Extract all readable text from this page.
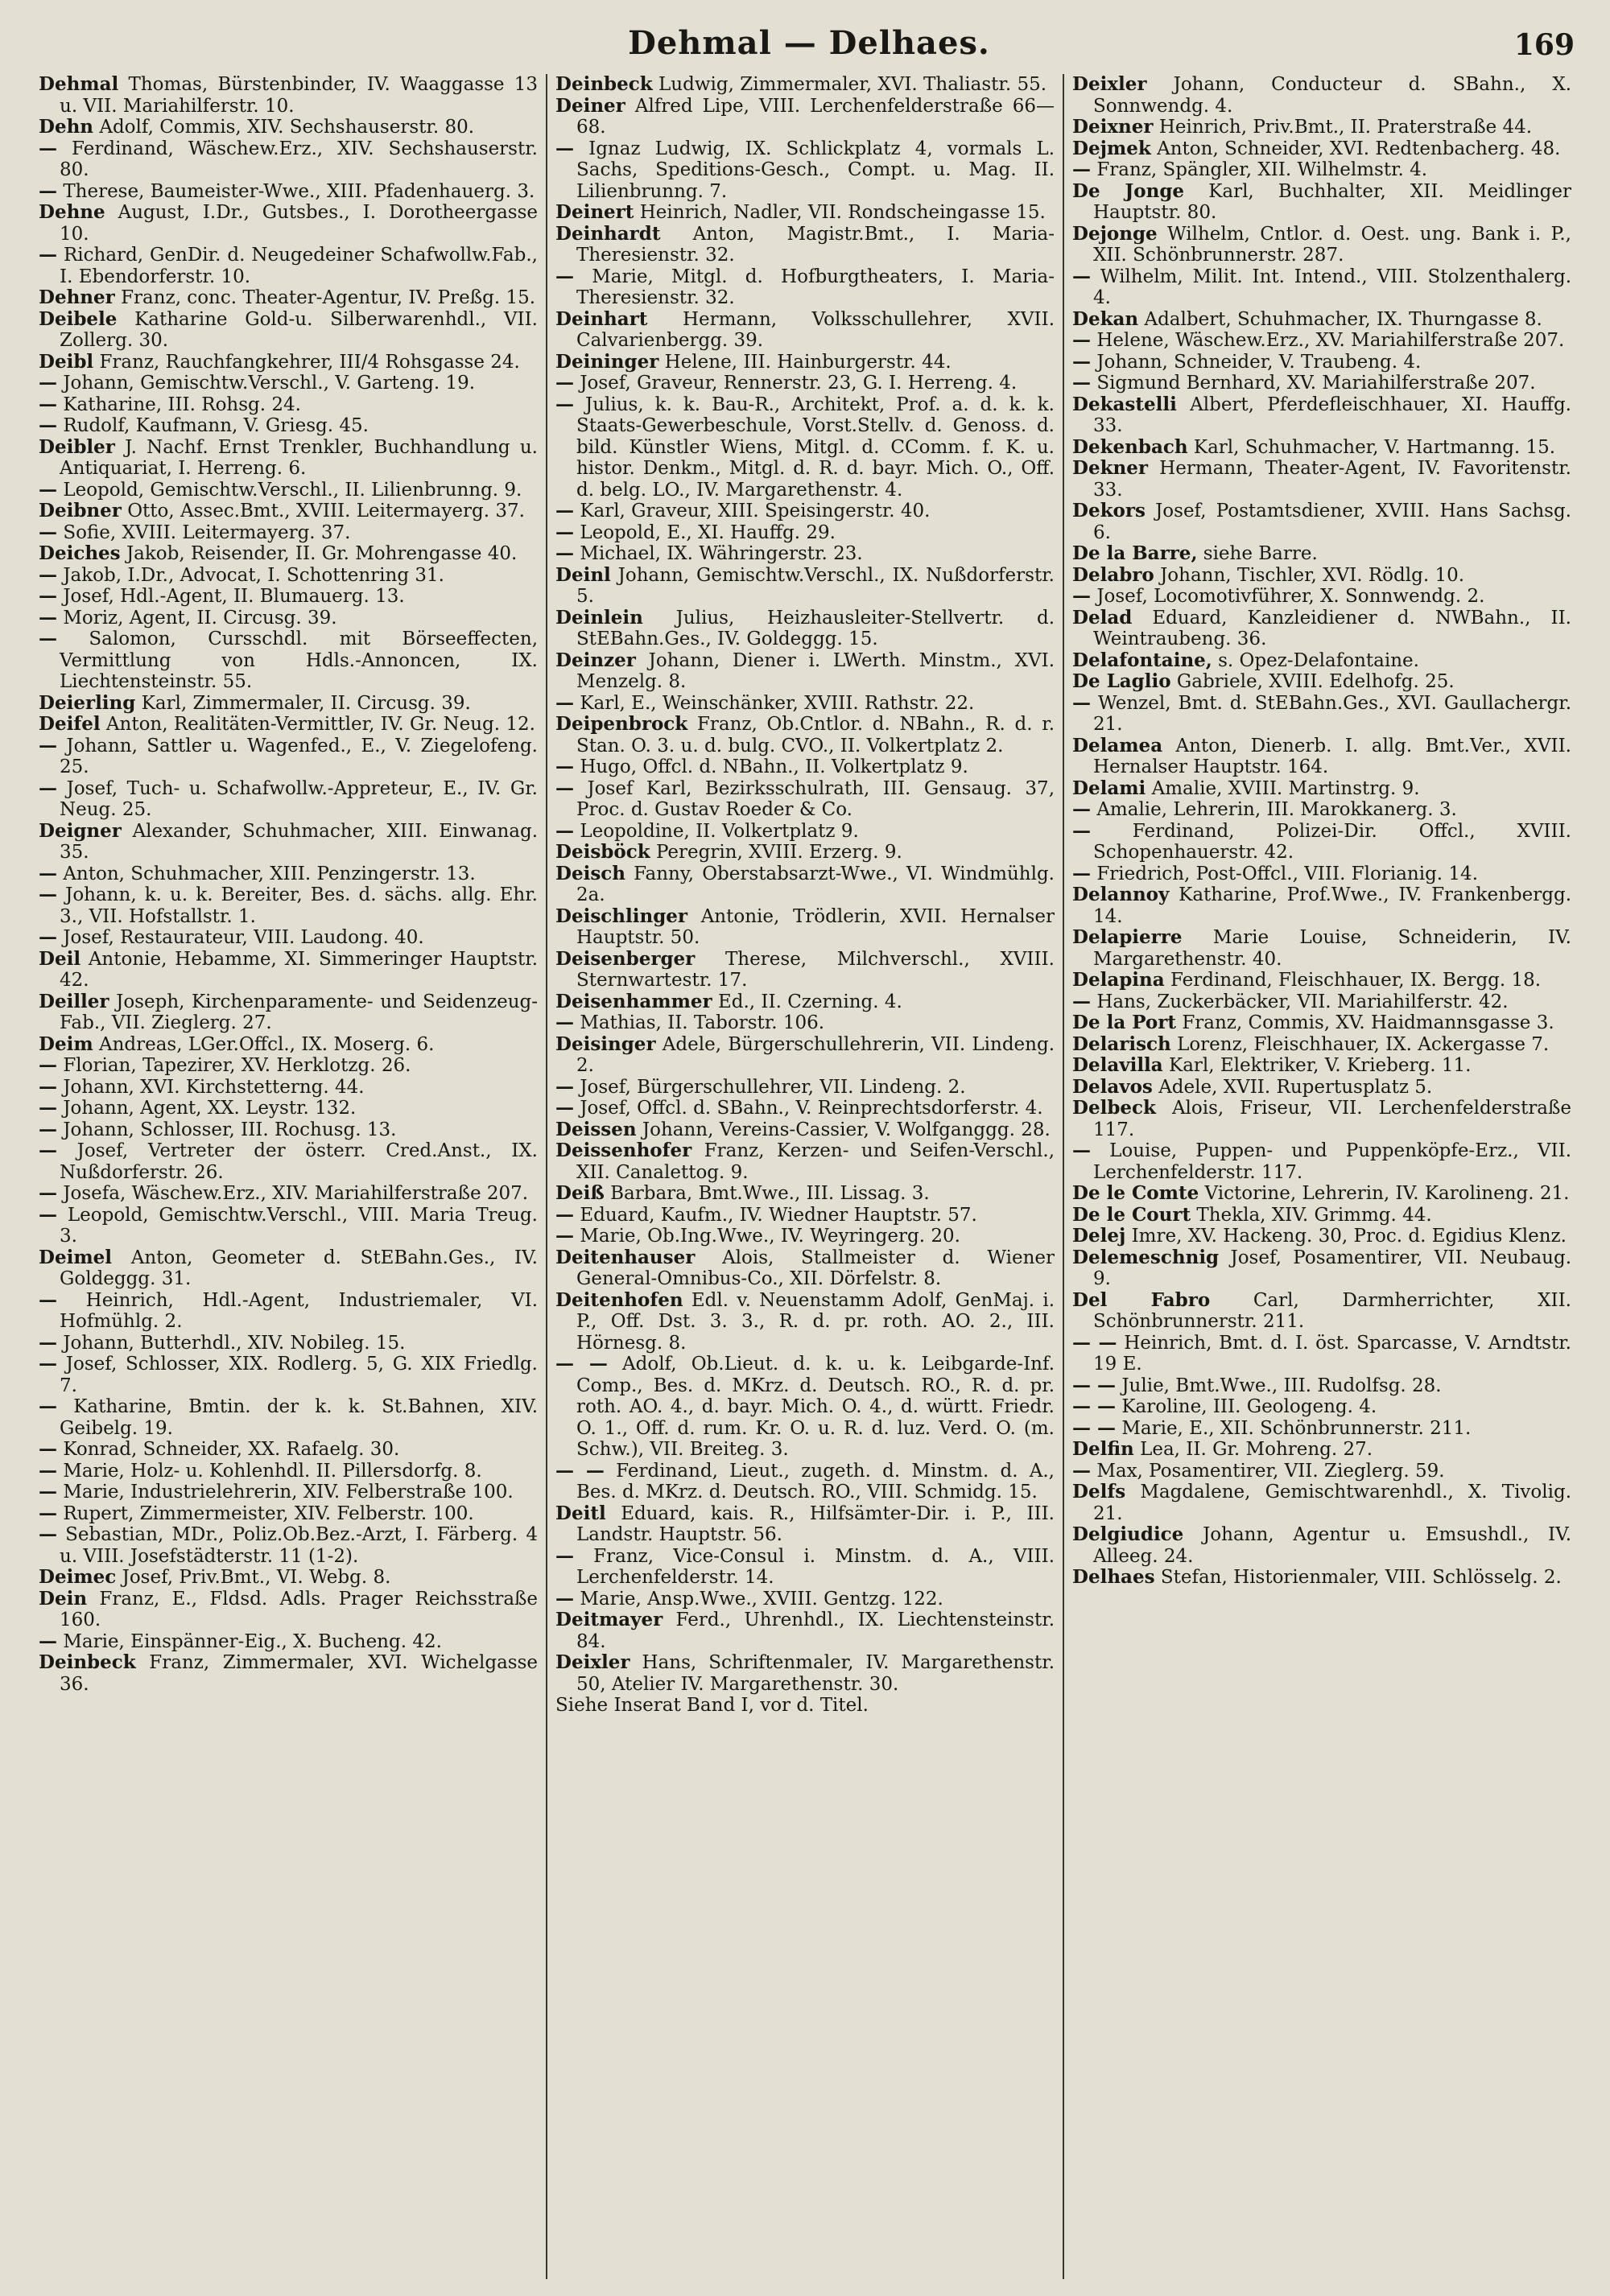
Dehmal — Delhaes.	169

Dehmal Thomas, Bürstenbinder, IV. Waaggasse 13 u. VII. Mariahilferstr. 10.

Dehn Adolf, Commis, XIV. Sechshauserstr. 80.

— Ferdinand, Wäschew.Erz., XIV. Sechshauserstr. 80.

— Therese, Baumeister-Wwe., XIII. Pfadenhauerg. 3.

Dehne August, I.Dr., Gutsbes., I. Dorotheergasse 10.

— Richard, GenDir. d. Neugedeiner Schafwollw.Fab., I. Ebendorferstr. 10.

Dehner Franz, conc. Theater-Agentur, IV. Preßg. 15.

Deibele Katharine Gold-u. Silberwarenhdl., VII. Zollerg. 30.

Deibl Franz, Rauchfangkehrer, III/4 Rohsgasse 24.

— Johann, Gemischtw.Verschl., V. Garteng. 19.

— Katharine, III. Rohsg. 24.

— Rudolf, Kaufmann, V. Griesg. 45.

Deibler J. Nachf. Ernst Trenkler, Buchhandlung u. Antiquariat, I. Herreng. 6.

— Leopold, Gemischtw.Verschl., II. Lilienbrunng. 9.

Deibner Otto, Assec.Bmt., XVIII. Leitermayerg. 37.

— Sofie, XVIII. Leitermayerg. 37.

Deiches Jakob, Reisender, II. Gr. Mohrengasse 40.

— Jakob, I.Dr., Advocat, I. Schottenring 31.

— Josef, Hdl.-Agent, II. Blumauerg. 13.

— Moriz, Agent, II. Circusg. 39.

— Salomon, Cursschdl. mit Börseeffecten, Vermittlung von Hdls.-Annoncen, IX. Liechtensteinstr. 55.

Deierling Karl, Zimmermaler, II. Circusg. 39.

Deifel Anton, Realitäten-Vermittler, IV. Gr. Neug. 12.

— Johann, Sattler u. Wagenfed., E., V. Ziegelofeng. 25.

— Josef, Tuch- u. Schafwollw.-Appreteur, E., IV. Gr. Neug. 25.

Deigner Alexander, Schuhmacher, XIII. Einwanag. 35.

— Anton, Schuhmacher, XIII. Penzingerstr. 13.

— Johann, k. u. k. Bereiter, Bes. d. sächs. allg. Ehr. 3., VII. Hofstallstr. 1.

— Josef, Restaurateur, VIII. Laudong. 40.

Deil Antonie, Hebamme, XI. Simmeringer Hauptstr. 42.

Deiller Joseph, Kirchenparamente- und Seidenzeug-Fab., VII. Zieglerg. 27.

Deim Andreas, LGer.Offcl., IX. Moserg. 6.

— Florian, Tapezirer, XV. Herklotzg. 26.

— Johann, XVI. Kirchstetterng. 44.

— Johann, Agent, XX. Leystr. 132.

— Johann, Schlosser, III. Rochusg. 13.

— Josef, Vertreter der österr. Cred.Anst., IX. Nußdorferstr. 26.

— Josefa, Wäschew.Erz., XIV. Mariahilferstraße 207.

— Leopold, Gemischtw.Verschl., VIII. Maria Treug. 3.

Deimel Anton, Geometer d. StEBahn.Ges., IV. Goldeggg. 31.

— Heinrich, Hdl.-Agent, Industriemaler, VI. Hofmühlg. 2.

— Johann, Butterhdl., XIV. Nobileg. 15.

— Josef, Schlosser, XIX. Rodlerg. 5, G. XIX Friedlg. 7.

— Katharine, Bmtin. der k. k. St.Bahnen, XIV. Geibelg. 19.

— Konrad, Schneider, XX. Rafaelg. 30.

— Marie, Holz- u. Kohlenhdl. II. Pillersdorfg. 8.

— Marie, Industrielehrerin, XIV. Felberstraße 100.

— Rupert, Zimmermeister, XIV. Felberstr. 100.

— Sebastian, MDr., Poliz.Ob.Bez.-Arzt, I. Färberg. 4 u. VIII. Josefstädterstr. 11 (1-2).

Deimec Josef, Priv.Bmt., VI. Webg. 8.

Dein Franz, E., Fldsd. Adls. Prager Reichsstraße 160.

— Marie, Einspänner-Eig., X. Bucheng. 42.

Deinbeck Franz, Zimmermaler, XVI. Wichelgasse 36.

Deinbeck Ludwig, Zimmermaler, XVI. Thaliastr. 55.

Deiner Alfred Lipe, VIII. Lerchenfelderstraße 66—68.

— Ignaz Ludwig, IX. Schlickplatz 4, vormals L. Sachs, Speditions-Gesch., Compt. u. Mag. II. Lilienbrunng. 7.

Deinert Heinrich, Nadler, VII. Rondscheingasse 15.

Deinhardt Anton, Magistr.Bmt., I. Maria-Theresienstr. 32.

— Marie, Mitgl. d. Hofburgtheaters, I. Maria-Theresienstr. 32.

Deinhart Hermann, Volksschullehrer, XVII. Calvarienbergg. 39.

Deininger Helene, III. Hainburgerstr. 44.

— Josef, Graveur, Rennerstr. 23, G. I. Herreng. 4.

— Julius, k. k. Bau-R., Architekt, Prof. a. d. k. k. Staats-Gewerbeschule, Vorst.Stellv. d. Genoss. d. bild. Künstler Wiens, Mitgl. d. CComm. f. K. u. histor. Denkm., Mitgl. d. R. d. bayr. Mich. O., Off. d. belg. LO., IV. Margarethenstr. 4.

— Karl, Graveur, XIII. Speisingerstr. 40.

— Leopold, E., XI. Hauffg. 29.

— Michael, IX. Währingerstr. 23.

Deinl Johann, Gemischtw.Verschl., IX. Nußdorferstr. 5.

Deinlein Julius, Heizhausleiter-Stellvertr. d. StEBahn.Ges., IV. Goldeggg. 15.

Deinzer Johann, Diener i. LWerth. Minstm., XVI. Menzelg. 8.

— Karl, E., Weinschänker, XVIII. Rathstr. 22.

Deipenbrock Franz, Ob.Cntlor. d. NBahn., R. d. r. Stan. O. 3. u. d. bulg. CVO., II. Volkertplatz 2.

— Hugo, Offcl. d. NBahn., II. Volkertplatz 9.

— Josef Karl, Bezirksschulrath, III. Gensaug. 37, Proc. d. Gustav Roeder & Co.

— Leopoldine, II. Volkertplatz 9.

Deisböck Peregrin, XVIII. Erzerg. 9.

Deisch Fanny, Oberstabsarzt-Wwe., VI. Windmühlg. 2a.

Deischlinger Antonie, Trödlerin, XVII. Hernalser Hauptstr. 50.

Deisenberger Therese, Milchverschl., XVIII. Sternwartestr. 17.

Deisenhammer Ed., II. Czerning. 4.

— Mathias, II. Taborstr. 106.

Deisinger Adele, Bürgerschullehrerin, VII. Lindeng. 2.

— Josef, Bürgerschullehrer, VII. Lindeng. 2.

— Josef, Offcl. d. SBahn., V. Reinprechtsdorferstr. 4.

Deissen Johann, Vereins-Cassier, V. Wolfganggg. 28.

Deissenhofer Franz, Kerzen- und Seifen-Verschl., XII. Canalettog. 9.

Deiß Barbara, Bmt.Wwe., III. Lissag. 3.

— Eduard, Kaufm., IV. Wiedner Hauptstr. 57.

— Marie, Ob.Ing.Wwe., IV. Weyringerg. 20.

Deitenhauser Alois, Stallmeister d. Wiener General-Omnibus-Co., XII. Dörfelstr. 8.

Deitenhofen Edl. v. Neuenstamm Adolf, GenMaj. i. P., Off. Dst. 3. 3., R. d. pr. roth. AO. 2., III. Hörnesg. 8.

— — Adolf, Ob.Lieut. d. k. u. k. Leibgarde-Inf. Comp., Bes. d. MKrz. d. Deutsch. RO., R. d. pr. roth. AO. 4., d. bayr. Mich. O. 4., d. württ. Friedr. O. 1., Off. d. rum. Kr. O. u. R. d. luz. Verd. O. (m. Schw.), VII. Breiteg. 3.

— — Ferdinand, Lieut., zugeth. d. Minstm. d. A., Bes. d. MKrz. d. Deutsch. RO., VIII. Schmidg. 15.

Deitl Eduard, kais. R., Hilfsämter-Dir. i. P., III. Landstr. Hauptstr. 56.

— Franz, Vice-Consul i. Minstm. d. A., VIII. Lerchenfelderstr. 14.

— Marie, Ansp.Wwe., XVIII. Gentzg. 122.

Deitmayer Ferd., Uhrenhdl., IX. Liechtensteinstr. 84.

Deixler Hans, Schriftenmaler, IV. Margarethenstr. 50, Atelier IV. Margarethenstr. 30.

Siehe Inserat Band I, vor d. Titel.

Deixler Johann, Conducteur d. SBahn., X. Sonnwendg. 4.

Deixner Heinrich, Priv.Bmt., II. Praterstraße 44.

Dejmek Anton, Schneider, XVI. Redtenbacherg. 48.

— Franz, Spängler, XII. Wilhelmstr. 4.

De Jonge Karl, Buchhalter, XII. Meidlinger Hauptstr. 80.

Dejonge Wilhelm, Cntlor. d. Oest. ung. Bank i. P., XII. Schönbrunnerstr. 287.

— Wilhelm, Milit. Int. Intend., VIII. Stolzenthalerg. 4.

Dekan Adalbert, Schuhmacher, IX. Thurngasse 8.

— Helene, Wäschew.Erz., XV. Mariahilferstraße 207.

— Johann, Schneider, V. Traubeng. 4.

— Sigmund Bernhard, XV. Mariahilferstraße 207.

Dekastelli Albert, Pferdefleischhauer, XI. Hauffg. 33.

Dekenbach Karl, Schuhmacher, V. Hartmanng. 15.

Dekner Hermann, Theater-Agent, IV. Favoritenstr. 33.

Dekors Josef, Postamtsdiener, XVIII. Hans Sachsg. 6.

De la Barre, siehe Barre.

Delabro Johann, Tischler, XVI. Rödlg. 10.

— Josef, Locomotivführer, X. Sonnwendg. 2.

Delad Eduard, Kanzleidiener d. NWBahn., II. Weintraubeng. 36.

Delafontaine, s. Opez-Delafontaine.

De Laglio Gabriele, XVIII. Edelhofg. 25.

— Wenzel, Bmt. d. StEBahn.Ges., XVI. Gaullachergr. 21.

Delamea Anton, Dienerb. I. allg. Bmt.Ver., XVII. Hernalser Hauptstr. 164.

Delami Amalie, XVIII. Martinstrg. 9.

— Amalie, Lehrerin, III. Marokkanerg. 3.

— Ferdinand, Polizei-Dir. Offcl., XVIII. Schopenhauerstr. 42.

— Friedrich, Post-Offcl., VIII. Florianig. 14.

Delannoy Katharine, Prof.Wwe., IV. Frankenbergg. 14.

Delapierre Marie Louise, Schneiderin, IV. Margarethenstr. 40.

Delapina Ferdinand, Fleischhauer, IX. Bergg. 18.

— Hans, Zuckerbäcker, VII. Mariahilferstr. 42.

De la Port Franz, Commis, XV. Haidmannsgasse 3.

Delarisch Lorenz, Fleischhauer, IX. Ackergasse 7.

Delavilla Karl, Elektriker, V. Krieberg. 11.

Delavos Adele, XVII. Rupertusplatz 5.

Delbeck Alois, Friseur, VII. Lerchenfelderstraße 117.

— Louise, Puppen- und Puppenköpfe-Erz., VII. Lerchenfelderstr. 117.

De le Comte Victorine, Lehrerin, IV. Karolineng. 21.

De le Court Thekla, XIV. Grimmg. 44.

Delej Imre, XV. Hackeng. 30, Proc. d. Egidius Klenz.

Delemeschnig Josef, Posamentirer, VII. Neubaug. 9.

Del Fabro Carl, Darmherrichter, XII. Schönbrunnerstr. 211.

— — Heinrich, Bmt. d. I. öst. Sparcasse, V. Arndtstr. 19 E.

— — Julie, Bmt.Wwe., III. Rudolfsg. 28.

— — Karoline, III. Geologeng. 4.

— — Marie, E., XII. Schönbrunnerstr. 211.

Delfin Lea, II. Gr. Mohreng. 27.

— Max, Posamentirer, VII. Zieglerg. 59.

Delfs Magdalene, Gemischtwarenhdl., X. Tivolig. 21.

Delgiudice Johann, Agentur u. Emsushdl., IV. Alleeg. 24.

Delhaes Stefan, Historienmaler, VIII. Schlösselg. 2.
